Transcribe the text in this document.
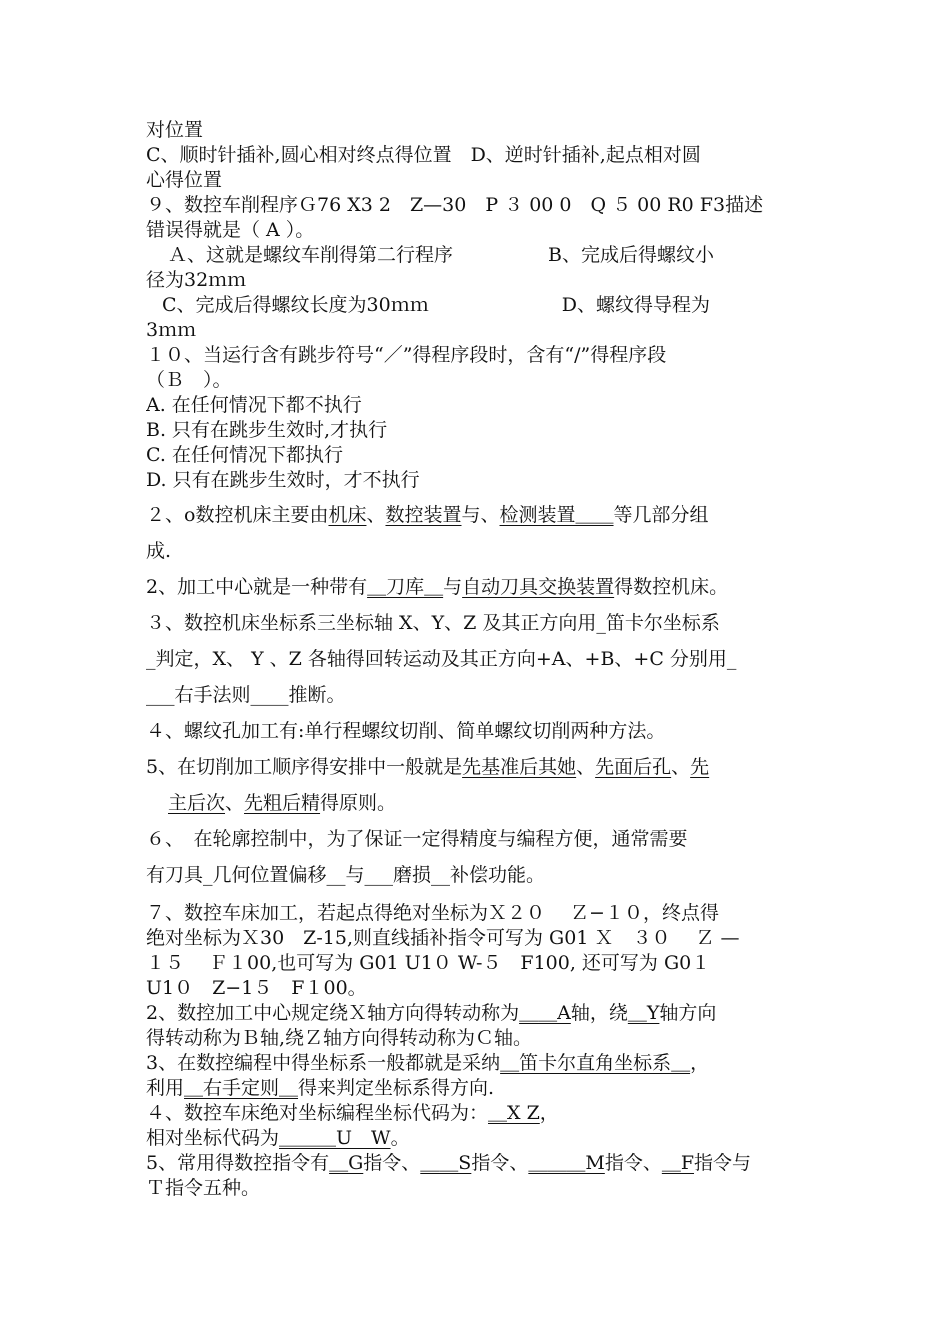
对位置
C、顺时针插补,圆心相对终点得位置　D、逆时针插补,起点相对圆
心得位置
９、数控车削程序Ｇ76 X3 2　Z—30　P ３ 00 0　Q ５ 00 R0 F3描述
错误得就是（ A ）。
Ａ、这就是螺纹车削得第二行程序　　　　　B、完成后得螺纹小
径为32ｍｍ
C、完成后得螺纹长度为30ｍｍ　　　　　　　D、螺纹得导程为
3ｍｍ
１０、当运行含有跳步符号“／”得程序段时，含有“/”得程序段
（Ｂ　）。
A. 在任何情况下都不执行
B. 只有在跳步生效时,才执行
C. 在任何情况下都执行
D. 只有在跳步生效时，才不执行
２、o数控机床主要由机床、数控装置与、检测装置＿＿等几部分组
成.
2、加工中心就是一种带有＿刀库＿与自动刀具交换装置得数控机床。
３、数控机床坐标系三坐标轴 X、Y、Z 及其正方向用_笛卡尔坐标系
_判定，X、 Y 、Z 各轴得回转运动及其正方向+A、+B、+C 分别用_
___右手法则____推断。
４、螺纹孔加工有:单行程螺纹切削、简单螺纹切削两种方法。
5、在切削加工顺序得安排中一般就是先基准后其她、先面后孔、先
主后次、先粗后精得原则。
６、　在轮廓控制中，为了保证一定得精度与编程方便，通常需要
有刀具_几何位置偏移__与___磨损__补偿功能。
７、数控车床加工，若起点得绝对坐标为Ｘ２０　 Ｚ−１０，终点得
绝对坐标为Ｘ30　Z-15,则直线插补指令可写为 G01 Ｘ　３０　 Ｚ —
１５　 Ｆ１00,也可写为 G01 U1０ W-５　F100, 还可写为 G0１
U1０　Z−1５　F１00。
2、数控加工中心规定绕Ｘ轴方向得转动称为＿＿A轴，绕＿Y轴方向
得转动称为Ｂ轴,绕Ｚ轴方向得转动称为Ｃ轴。
3、在数控编程中得坐标系一般都就是采纳＿笛卡尔直角坐标系＿，
利用＿右手定则＿得来判定坐标系得方向.
４、数控车床绝对坐标编程坐标代码为：＿X Z，
相对坐标代码为＿＿＿U　W。
5、常用得数控指令有＿G指令、＿＿S指令、＿＿＿M指令、＿F指令与
Ｔ指令五种。
